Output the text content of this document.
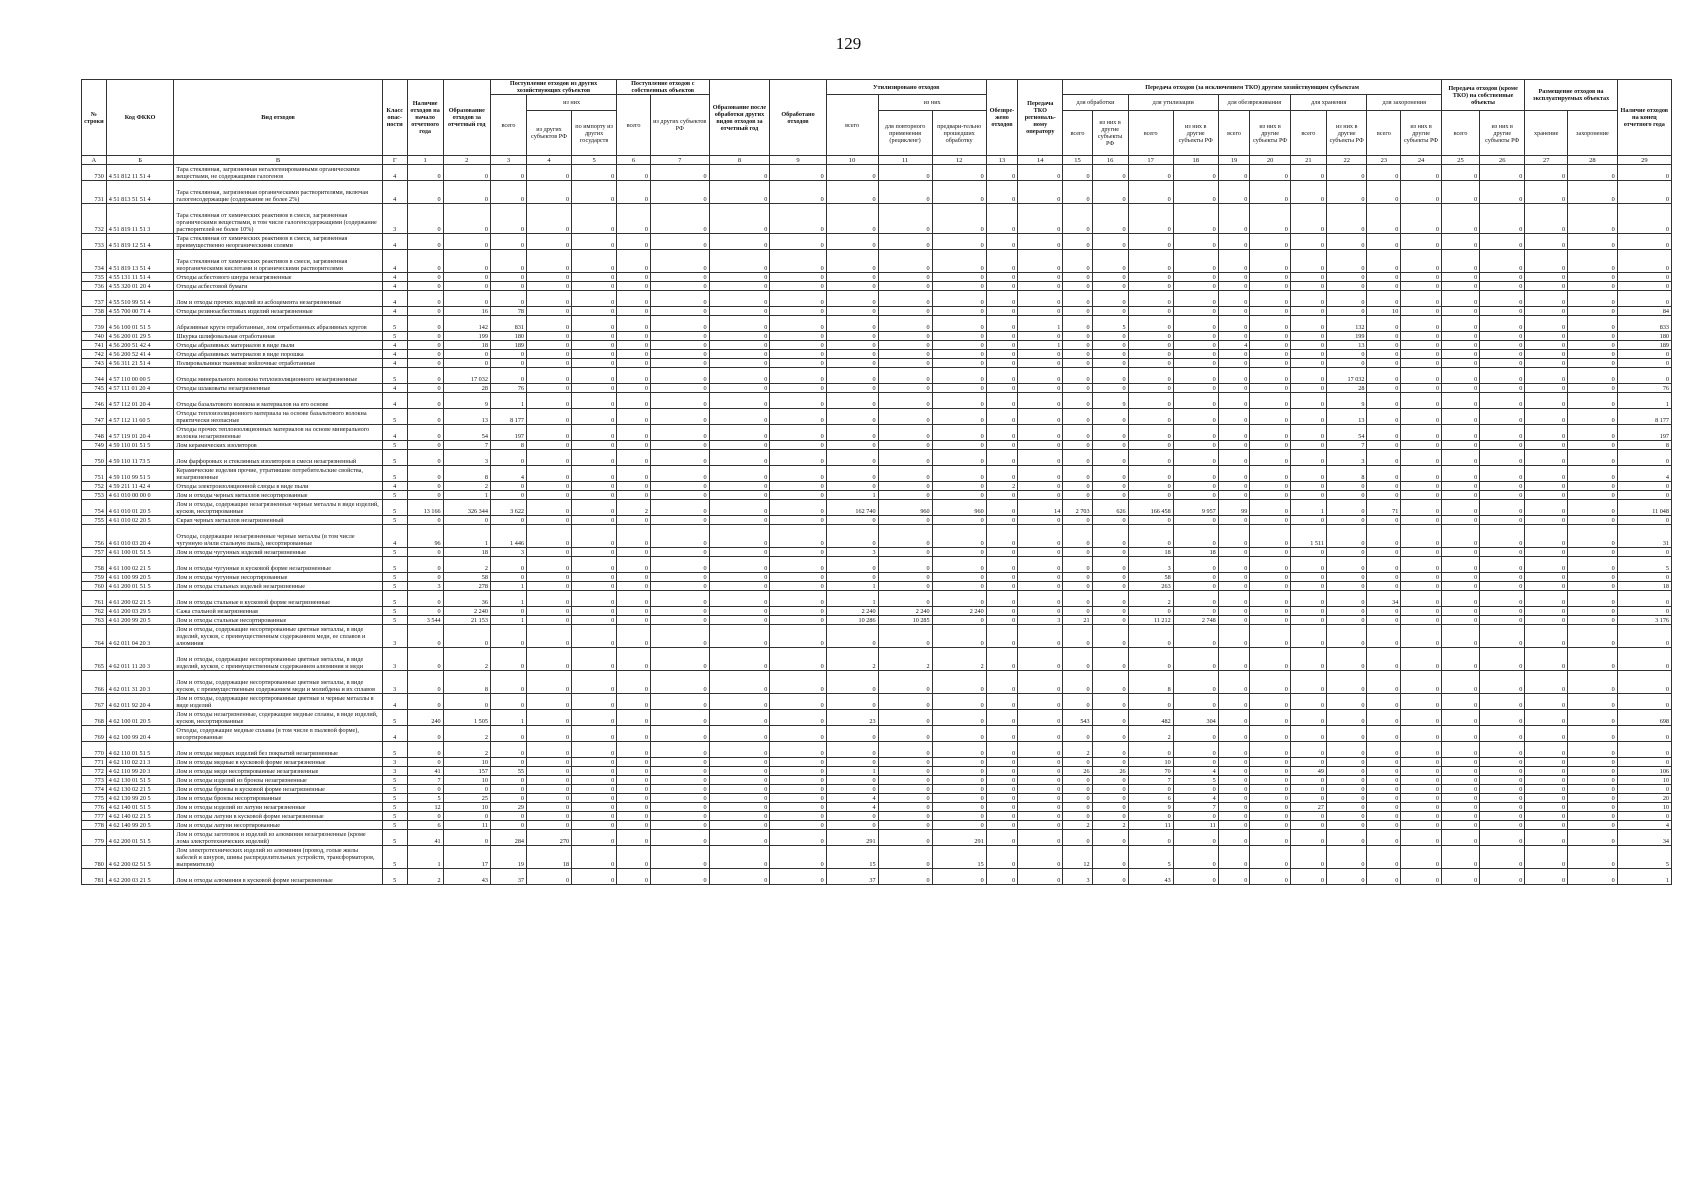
129
№ строки	Код ФККО	Вид отходов	Класс опас-ности	Наличие отходов на начало отчетного года	Образование отходов за отчетный год	Поступление отходов из других хозяйствующих субъектов			Поступление отходов с собственных объектов		Образование после обработки других видов отходов за отчетный год	Обработано отходов	Утилизировано отходов			Обезвре-жено отходов	Передача ТКО региональ-ному оператору	Передача отходов (за исключением ТКО) другим хозяйствующим субъектам										Передача отходов (кроме ТКО) на собственные объекты		Размещение отходов на эксплуатируемых объектах		Наличие отходов на конец отчетного года
						всего	из них		всего	из других субъектов РФ			всего	из них				для обработки		для утилизации		для обезвреживания		для хранения		для захоронения						
							из других субъектов РФ	по импорту из других государств						для повторного применения (рецикленг)	предвари-тельно прошедших обработку			всего	из них в другие субъекты РФ	всего	из них в другие субъекты РФ	всего	из них в другие субъекты РФ	всего	из них в другие субъекты РФ	всего	из них в другие субъекты РФ	всего	из них в другие субъекты РФ	хранение	захоронение	
А	Б	В	Г	1	2	3	4	5	6	7	8	9	10	11	12	13	14	15	16	17	18	19	20	21	22	23	24	25	26	27	28	29
730	4 51 812 11 51 4	Тара стеклянная, загрязненная негалогенированными органическими веществами, не содержащими галогенов	4	0	0	0	0	0	0	0	0	0	0	0	0	0	0	0	0	0	0	0	0	0	0	0	0	0	0	0	0	0
731	4 51 813 51 51 4	Тара стеклянная, загрязненная органическими растворителями, включая галогенсодержащие (содержание не более 2%)	4	0	0	0	0	0	0	0	0	0	0	0	0	0	0	0	0	0	0	0	0	0	0	0	0	0	0	0	0	0
732	4 51 819 11 51 3	Тара стеклянная от химических реактивов в смеси, загрязненная органическими веществами, в том числе галогенсодержащими (содержание растворителей не более 10%)	3	0	0	0	0	0	0	0	0	0	0	0	0	0	0	0	0	0	0	0	0	0	0	0	0	0	0	0	0	0
733	4 51 819 12 51 4	Тара стеклянная от химических реактивов в смеси, загрязненная преимущественно неорганическими солями	4	0	0	0	0	0	0	0	0	0	0	0	0	0	0	0	0	0	0	0	0	0	0	0	0	0	0	0	0	0
734	4 51 819 13 51 4	Тара стеклянная от химических реактивов в смеси, загрязненная неорганическими кислотами и органическими растворителями	4	0	0	0	0	0	0	0	0	0	0	0	0	0	0	0	0	0	0	0	0	0	0	0	0	0	0	0	0	0
735	4 55 131 11 51 4	Отходы асбестового шнура незагрязненные	4	0	0	0	0	0	0	0	0	0	0	0	0	0	0	0	0	0	0	0	0	0	0	0	0	0	0	0	0	0
736	4 55 320 01 20 4	Отходы асбестовой бумаги	4	0	0	0	0	0	0	0	0	0	0	0	0	0	0	0	0	0	0	0	0	0	0	0	0	0	0	0	0	0
737	4 55 510 99 51 4	Лом и отходы прочих изделий из асбоцемента незагрязненные	4	0	0	0	0	0	0	0	0	0	0	0	0	0	0	0	0	0	0	0	0	0	0	0	0	0	0	0	0	0
738	4 55 700 00 71 4	Отходы резиноасбестовых изделий незагрязненные	4	0	16	78	0	0	0	0	0	0	0	0	0	0	0	0	0	0	0	0	0	0	0	10	0	0	0	0	0	84
739	4 56 100 01 51 5	Абразивные круги отработанные, лом отработанных абразивных кругов	5	0	142	831	0	0	0	0	0	0	0	0	0	0	1	0	5	0	0	0	0	0	132	0	0	0	0	0	0	833
740	4 56 200 01 29 5	Шкурка шлифовальная отработанная	5	0	199	180	0	0	0	0	0	0	0	0	0	0	0	0	0	0	0	0	0	0	199	0	0	0	0	0	0	180
741	4 56 200 51 42 4	Отходы абразивных материалов в виде пыли	4	0	18	189	0	0	0	0	0	0	0	0	0	0	1	0	0	0	0	4	0	0	13	0	0	0	0	0	0	189
742	4 56 200 52 41 4	Отходы абразивных материалов в виде порошка	4	0	0	0	0	0	0	0	0	0	0	0	0	0	0	0	0	0	0	0	0	0	0	0	0	0	0	0	0	0
743	4 56 311 21 51 4	Полировальники тканевые войлочные отработанные	4	0	0	0	0	0	0	0	0	0	0	0	0	0	0	0	0	0	0	0	0	0	0	0	0	0	0	0	0	0
744	4 57 110 00 00 5	Отходы минерального волокна теплоизоляционного незагрязненные	5	0	17 032	0	0	0	0	0	0	0	0	0	0	0	0	0	0	0	0	0	0	0	17 032	0	0	0	0	0	0	0
745	4 57 111 01 20 4	Отходы шлаковаты незагрязненные	4	0	28	76	0	0	0	0	0	0	0	0	0	0	0	0	0	0	0	0	0	0	28	0	0	0	0	0	0	76
746	4 57 112 01 20 4	Отходы базальтового волокна и материалов на его основе	4	0	9	1	0	0	0	0	0	0	0	0	0	0	0	0	9	0	0	0	0	0	9	0	0	0	0	0	0	1
747	4 57 112 11 60 5	Отходы теплоизоляционного материала на основе базальтового волокна практически неопасные	5	0	13	8 177	0	0	0	0	0	0	0	0	0	0	0	0	0	0	0	0	0	0	13	0	0	0	0	0	0	8 177
748	4 57 119 01 20 4	Отходы прочих теплоизоляционных материалов на основе минерального волокна незагрязненные	4	0	54	197	0	0	0	0	0	0	0	0	0	0	0	0	0	0	0	0	0	0	54	0	0	0	0	0	0	197
749	4 59 110 01 51 5	Лом керамических изоляторов	5	0	7	8	0	0	0	0	0	0	0	0	0	0	0	0	0	0	0	0	0	0	7	0	0	0	0	0	0	8
750	4 59 110 11 73 5	Лом фарфоровых и стеклянных изоляторов в смеси незагрязненный	5	0	3	0	0	0	0	0	0	0	0	0	0	0	0	0	0	0	0	0	0	0	3	0	0	0	0	0	0	0
751	4 59 110 99 51 5	Керамические изделия прочие, утратившие потребительские свойства, незагрязненные	5	0	8	4	0	0	0	0	0	0	0	0	0	0	0	0	0	0	0	0	0	0	8	0	0	0	0	0	0	4
752	4 59 211 11 42 4	Отходы электроизоляционной слюды в виде пыли	4	0	2	0	0	0	0	0	0	0	0	0	0	2	0	0	0	0	0	0	0	0	0	0	0	0	0	0	0	0
753	4 61 010 00 00 0	Лом и отходы черных металлов несортированные	5	0	1	0	0	0	0	0	0	0	1	0	0	0	0	0	0	0	0	0	0	0	0	0	0	0	0	0	0	0
754	4 61 010 01 20 5	Лом и отходы, содержащие незагрязненные черные металлы в виде изделий, кусков, несортированные	5	13 166	326 344	3 622	0	0	2	0	0	0	162 740	960	960	0	14	2 703	626	166 458	9 957	99	0	1	0	71	0	0	0	0	0	11 048
755	4 61 010 02 20 5	Скрап черных металлов незагрязненный	5	0	0	0	0	0	0	0	0	0	0	0	0	0	0	0	0	0	0	0	0	0	0	0	0	0	0	0	0	0
756	4 61 010 03 20 4	Отходы, содержащие незагрязненные черные металлы (в том числе чугунную и/или стальную пыль), несортированные	4	96	1	1 446	0	0	0	0	0	0	0	0	0	0	0	0	0	0	0	0	0	1 511	0	0	0	0	0	0	0	31
757	4 61 100 01 51 5	Лом и отходы чугунных изделий незагрязненные	5	0	18	3	0	0	0	0	0	0	3	0	0	0	0	0	0	18	18	0	0	0	0	0	0	0	0	0	0	0
758	4 61 100 02 21 5	Лом и отходы чугунные в кусковой форме незагрязненные	5	0	2	0	0	0	0	0	0	0	0	0	0	0	0	0	0	3	0	0	0	0	0	0	0	0	0	0	0	5
759	4 61 100 99 20 5	Лом и отходы чугунные несортированные	5	0	58	0	0	0	0	0	0	0	0	0	0	0	0	0	0	58	0	0	0	0	0	0	0	0	0	0	0	0
760	4 61 200 01 51 5	Лом и отходы стальных изделий незагрязненные	5	3	278	1	0	0	0	0	0	0	1	0	0	0	0	0	0	263	0	0	0	0	0	0	0	0	0	0	0	18
761	4 61 200 02 21 5	Лом и отходы стальные в кусковой форме незагрязненные	5	0	36	1	0	0	0	0	0	0	1	0	0	0	0	0	0	2	0	0	0	0	0	34	0	0	0	0	0	0
762	4 61 200 03 29 5	Сажа стальной незагрязненная	5	0	2 240	0	0	0	0	0	0	0	2 240	2 240	2 240	0	0	0	0	0	0	0	0	0	0	0	0	0	0	0	0	0
763	4 61 200 99 20 5	Лом и отходы стальные несортированные	5	3 544	21 153	1	0	0	0	0	0	0	10 286	10 285	0	0	3	21	0	11 212	2 748	0	0	0	0	0	0	0	0	0	0	3 176
764	4 62 011 04 20 3	Лом и отходы, содержащие несортированные цветные металлы, в виде изделий, кусков, с преимущественным содержанием меди, ее сплавов и алюминия	3	0	0	0	0	0	0	0	0	0	0	0	0	0	0	0	0	0	0	0	0	0	0	0	0	0	0	0	0	0
765	4 62 011 11 20 3	Лом и отходы, содержащие несортированные цветные металлы, в виде изделий, кусков, с преимущественным содержанием алюминия и меди	3	0	2	0	0	0	0	0	0	0	2	2	2	0	0	0	0	0	0	0	0	0	0	0	0	0	0	0	0	0
766	4 62 011 31 20 3	Лом и отходы, содержащие несортированные цветные металлы, в виде кусков, с преимущественным содержанием меди и молибдена и их сплавов	3	0	8	0	0	0	0	0	0	0	0	0	0	0	0	0	0	8	0	0	0	0	0	0	0	0	0	0	0	0
767	4 62 011 92 20 4	Лом и отходы, содержащие несортированные цветные и черные металлы в виде изделий	4	0	0	0	0	0	0	0	0	0	0	0	0	0	0	0	0	0	0	0	0	0	0	0	0	0	0	0	0	0
768	4 62 100 01 20 5	Лом и отходы незагрязненные, содержащие медные сплавы, в виде изделий, кусков, несортированные	5	240	1 505	1	0	0	0	0	0	0	23	0	0	0	0	543	0	482	304	0	0	0	0	0	0	0	0	0	0	698
769	4 62 100 99 20 4	Отходы, содержащие медные сплавы (в том числе в пылевой форме), несортированные	4	0	2	0	0	0	0	0	0	0	0	0	0	0	0	0	0	2	0	0	0	0	0	0	0	0	0	0	0	0
770	4 62 110 01 51 5	Лом и отходы медных изделий без покрытий незагрязненные	5	0	2	0	0	0	0	0	0	0	0	0	0	0	0	2	0	0	0	0	0	0	0	0	0	0	0	0	0	0
771	4 62 110 02 21 3	Лом и отходы медные в кусковой форме незагрязненные	3	0	10	0	0	0	0	0	0	0	0	0	0	0	0	0	0	10	0	0	0	0	0	0	0	0	0	0	0	0
772	4 62 110 99 20 3	Лом и отходы меди несортированные незагрязненные	3	41	157	55	0	0	0	0	0	0	1	0	0	0	0	26	26	70	4	0	0	49	0	0	0	0	0	0	0	106
773	4 62 130 01 51 5	Лом и отходы изделий из бронзы незагрязненные	5	7	10	0	0	0	0	0	0	0	0	0	0	0	0	0	0	7	5	0	0	0	0	0	0	0	0	0	0	10
774	4 62 130 02 21 5	Лом и отходы бронзы в кусковой форме незагрязненные	5	0	0	0	0	0	0	0	0	0	0	0	0	0	0	0	0	0	0	0	0	0	0	0	0	0	0	0	0	0
775	4 62 130 99 20 5	Лом и отходы бронзы несортированные	5	5	25	0	0	0	0	0	0	0	4	0	0	0	0	0	0	6	4	0	0	0	0	0	0	0	0	0	0	20
776	4 62 140 01 51 5	Лом и отходы изделий из латуни незагрязненные	5	12	10	29	0	0	0	0	0	0	4	0	0	0	0	0	0	9	7	0	0	27	0	0	0	0	0	0	0	10
777	4 62 140 02 21 5	Лом и отходы латуни в кусковой форме незагрязненные	5	0	0	0	0	0	0	0	0	0	0	0	0	0	0	0	0	0	0	0	0	0	0	0	0	0	0	0	0	0
778	4 62 140 99 20 5	Лом и отходы латуни несортированные	5	6	11	0	0	0	0	0	0	0	0	0	0	0	0	2	2	11	11	0	0	0	0	0	0	0	0	0	0	4
779	4 62 200 01 51 5	Лом и отходы заготовок и изделий из алюминия незагрязненные (кроме лома электротехнических изделий)	5	41	0	284	270	0	0	0	0	0	291	0	291	0	0	0	0	0	0	0	0	0	0	0	0	0	0	0	0	34
780	4 62 200 02 51 5	Лом электротехнических изделий из алюминия (провод, голые жилы кабелей и шнуров, шины распределительных устройств, трансформаторов, выпрямители)	5	1	17	19	18	0	0	0	0	0	15	0	15	0	0	12	0	5	0	0	0	0	0	0	0	0	0	0	0	5
781	4 62 200 03 21 5	Лом и отходы алюминия в кусковой форме незагрязненные	5	2	43	37	0	0	0	0	0	0	37	0	0	0	0	3	0	43	0	0	0	0	0	0	0	0	0	0	0	1
